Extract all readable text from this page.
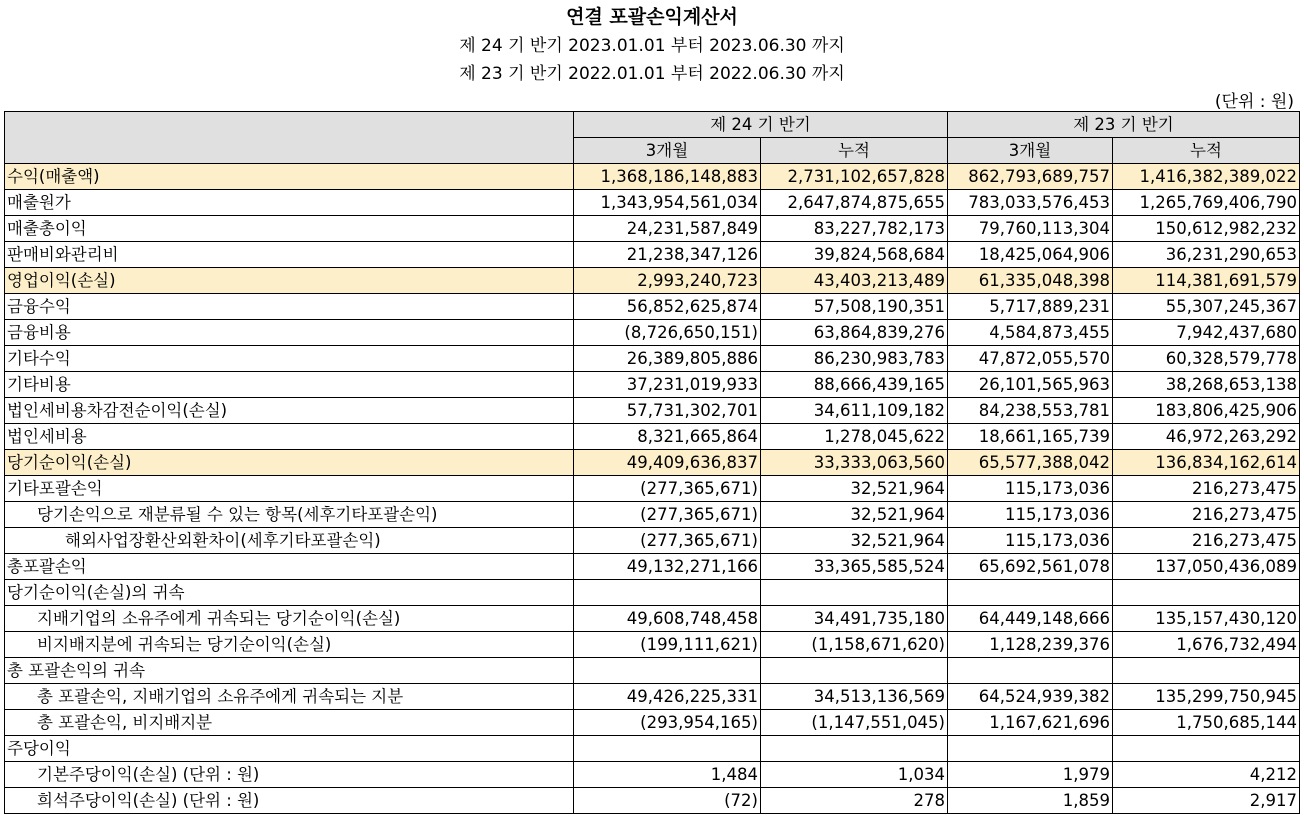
연결 포괄손익계산서
제 24 기 반기 2023.01.01 부터 2023.06.30 까지
제 23 기 반기 2022.01.01 부터 2022.06.30 까지
(단위 : 원)
	제 24 기 반기		제 23 기 반기	
	3개월	누적	3개월	누적
수익(매출액)	1,368,186,148,883	2,731,102,657,828	862,793,689,757	1,416,382,389,022
매출원가	1,343,954,561,034	2,647,874,875,655	783,033,576,453	1,265,769,406,790
매출총이익	24,231,587,849	83,227,782,173	79,760,113,304	150,612,982,232
판매비와관리비	21,238,347,126	39,824,568,684	18,425,064,906	36,231,290,653
영업이익(손실)	2,993,240,723	43,403,213,489	61,335,048,398	114,381,691,579
금융수익	56,852,625,874	57,508,190,351	5,717,889,231	55,307,245,367
금융비용	(8,726,650,151)	63,864,839,276	4,584,873,455	7,942,437,680
기타수익	26,389,805,886	86,230,983,783	47,872,055,570	60,328,579,778
기타비용	37,231,019,933	88,666,439,165	26,101,565,963	38,268,653,138
법인세비용차감전순이익(손실)	57,731,302,701	34,611,109,182	84,238,553,781	183,806,425,906
법인세비용	8,321,665,864	1,278,045,622	18,661,165,739	46,972,263,292
당기순이익(손실)	49,409,636,837	33,333,063,560	65,577,388,042	136,834,162,614
기타포괄손익	(277,365,671)	32,521,964	115,173,036	216,273,475
당기손익으로 재분류될 수 있는 항목(세후기타포괄손익)	(277,365,671)	32,521,964	115,173,036	216,273,475
해외사업장환산외환차이(세후기타포괄손익)	(277,365,671)	32,521,964	115,173,036	216,273,475
총포괄손익	49,132,271,166	33,365,585,524	65,692,561,078	137,050,436,089
당기순이익(손실)의 귀속				
지배기업의 소유주에게 귀속되는 당기순이익(손실)	49,608,748,458	34,491,735,180	64,449,148,666	135,157,430,120
비지배지분에 귀속되는 당기순이익(손실)	(199,111,621)	(1,158,671,620)	1,128,239,376	1,676,732,494
총 포괄손익의 귀속				
총 포괄손익, 지배기업의 소유주에게 귀속되는 지분	49,426,225,331	34,513,136,569	64,524,939,382	135,299,750,945
총 포괄손익, 비지배지분	(293,954,165)	(1,147,551,045)	1,167,621,696	1,750,685,144
주당이익				
기본주당이익(손실) (단위 : 원)	1,484	1,034	1,979	4,212
희석주당이익(손실) (단위 : 원)	(72)	278	1,859	2,917
